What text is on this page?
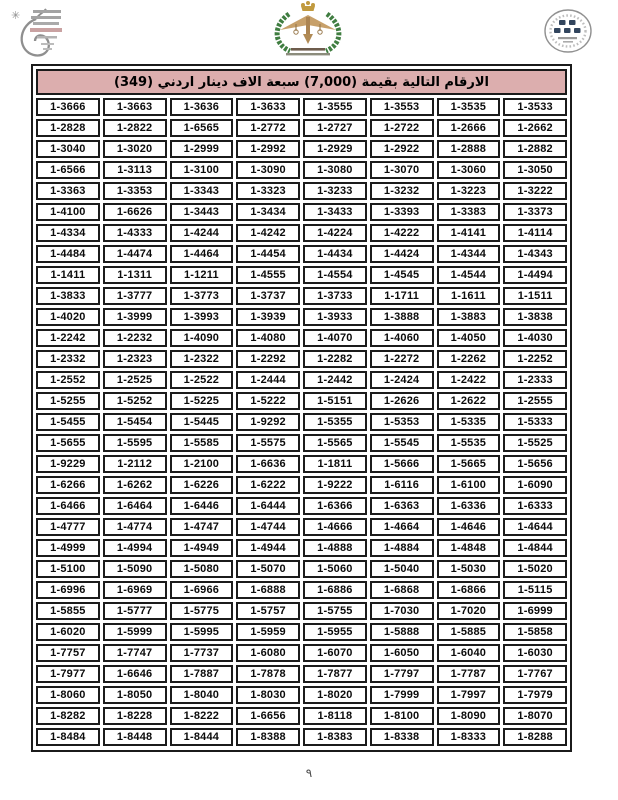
✳
الارقام التالية بقيمة (7,000) سبعة الاف دينار اردني (349)
1-3666	1-3663	1-3636	1-3633	1-3555	1-3553	1-3535	1-3533
1-2828	1-2822	1-6565	1-2772	1-2727	1-2722	1-2666	1-2662
1-3040	1-3020	1-2999	1-2992	1-2929	1-2922	1-2888	1-2882
1-6566	1-3113	1-3100	1-3090	1-3080	1-3070	1-3060	1-3050
1-3363	1-3353	1-3343	1-3323	1-3233	1-3232	1-3223	1-3222
1-4100	1-6626	1-3443	1-3434	1-3433	1-3393	1-3383	1-3373
1-4334	1-4333	1-4244	1-4242	1-4224	1-4222	1-4141	1-4114
1-4484	1-4474	1-4464	1-4454	1-4434	1-4424	1-4344	1-4343
1-1411	1-1311	1-1211	1-4555	1-4554	1-4545	1-4544	1-4494
1-3833	1-3777	1-3773	1-3737	1-3733	1-1711	1-1611	1-1511
1-4020	1-3999	1-3993	1-3939	1-3933	1-3888	1-3883	1-3838
1-2242	1-2232	1-4090	1-4080	1-4070	1-4060	1-4050	1-4030
1-2332	1-2323	1-2322	1-2292	1-2282	1-2272	1-2262	1-2252
1-2552	1-2525	1-2522	1-2444	1-2442	1-2424	1-2422	1-2333
1-5255	1-5252	1-5225	1-5222	1-5151	1-2626	1-2622	1-2555
1-5455	1-5454	1-5445	1-9292	1-5355	1-5353	1-5335	1-5333
1-5655	1-5595	1-5585	1-5575	1-5565	1-5545	1-5535	1-5525
1-9229	1-2112	1-2100	1-6636	1-1811	1-5666	1-5665	1-5656
1-6266	1-6262	1-6226	1-6222	1-9222	1-6116	1-6100	1-6090
1-6466	1-6464	1-6446	1-6444	1-6366	1-6363	1-6336	1-6333
1-4777	1-4774	1-4747	1-4744	1-4666	1-4664	1-4646	1-4644
1-4999	1-4994	1-4949	1-4944	1-4888	1-4884	1-4848	1-4844
1-5100	1-5090	1-5080	1-5070	1-5060	1-5040	1-5030	1-5020
1-6996	1-6969	1-6966	1-6888	1-6886	1-6868	1-6866	1-5115
1-5855	1-5777	1-5775	1-5757	1-5755	1-7030	1-7020	1-6999
1-6020	1-5999	1-5995	1-5959	1-5955	1-5888	1-5885	1-5858
1-7757	1-7747	1-7737	1-6080	1-6070	1-6050	1-6040	1-6030
1-7977	1-6646	1-7887	1-7878	1-7877	1-7797	1-7787	1-7767
1-8060	1-8050	1-8040	1-8030	1-8020	1-7999	1-7997	1-7979
1-8282	1-8228	1-8222	1-6656	1-8118	1-8100	1-8090	1-8070
1-8484	1-8448	1-8444	1-8388	1-8383	1-8338	1-8333	1-8288
٩
